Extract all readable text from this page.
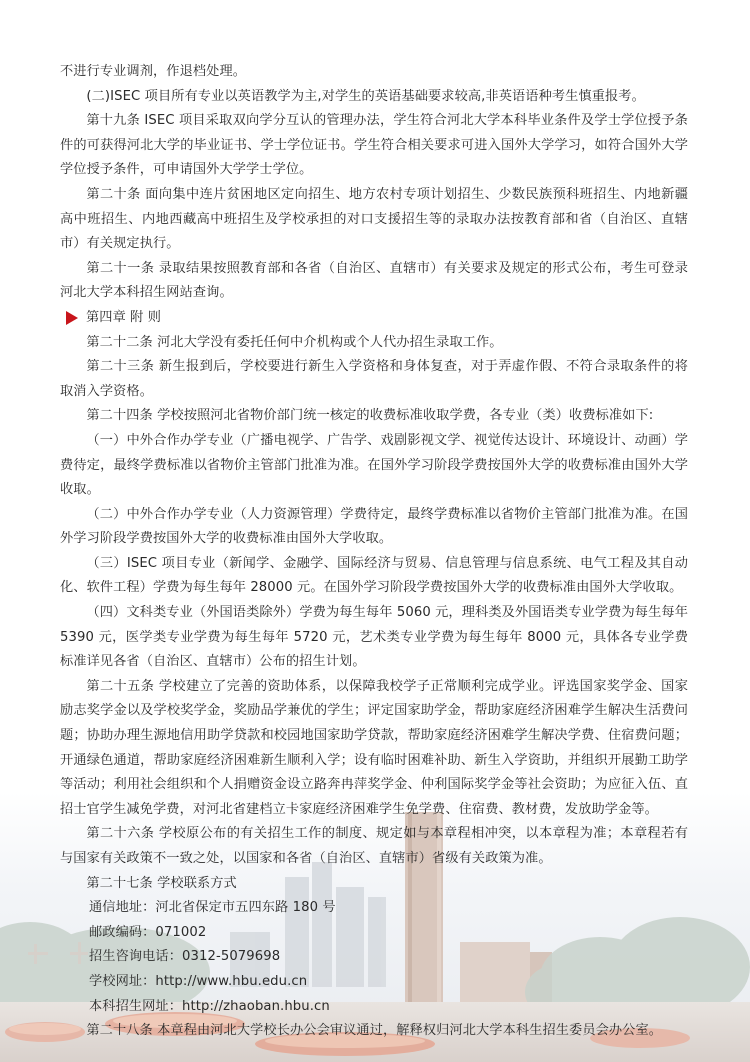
不进行专业调剂，作退档处理。

(二)ISEC 项目所有专业以英语教学为主,对学生的英语基础要求较高,非英语语种考生慎重报考。

第十九条 ISEC 项目采取双向学分互认的管理办法，学生符合河北大学本科毕业条件及学士学位授予条件的可获得河北大学的毕业证书、学士学位证书。学生符合相关要求可进入国外大学学习，如符合国外大学学位授予条件，可申请国外大学学士学位。

第二十条 面向集中连片贫困地区定向招生、地方农村专项计划招生、少数民族预科班招生、内地新疆高中班招生、内地西藏高中班招生及学校承担的对口支援招生等的录取办法按教育部和省（自治区、直辖市）有关规定执行。

第二十一条 录取结果按照教育部和各省（自治区、直辖市）有关要求及规定的形式公布，考生可登录河北大学本科招生网站查询。

第四章 附 则

第二十二条 河北大学没有委托任何中介机构或个人代办招生录取工作。

第二十三条 新生报到后，学校要进行新生入学资格和身体复查，对于弄虚作假、不符合录取条件的将取消入学资格。

第二十四条 学校按照河北省物价部门统一核定的收费标准收取学费，各专业（类）收费标准如下:

（一）中外合作办学专业（广播电视学、广告学、戏剧影视文学、视觉传达设计、环境设计、动画）学费待定，最终学费标准以省物价主管部门批准为准。在国外学习阶段学费按国外大学的收费标准由国外大学收取。

（二）中外合作办学专业（人力资源管理）学费待定，最终学费标准以省物价主管部门批准为准。在国外学习阶段学费按国外大学的收费标准由国外大学收取。

（三）ISEC 项目专业（新闻学、金融学、国际经济与贸易、信息管理与信息系统、电气工程及其自动化、软件工程）学费为每生每年 28000 元。在国外学习阶段学费按国外大学的收费标准由国外大学收取。

（四）文科类专业（外国语类除外）学费为每生每年 5060 元，理科类及外国语类专业学费为每生每年 5390 元，医学类专业学费为每生每年 5720 元，艺术类专业学费为每生每年 8000 元，具体各专业学费标准详见各省（自治区、直辖市）公布的招生计划。

第二十五条 学校建立了完善的资助体系，以保障我校学子正常顺利完成学业。评选国家奖学金、国家励志奖学金以及学校奖学金，奖励品学兼优的学生；评定国家助学金，帮助家庭经济困难学生解决生活费问题；协助办理生源地信用助学贷款和校园地国家助学贷款，帮助家庭经济困难学生解决学费、住宿费问题；开通绿色通道，帮助家庭经济困难新生顺利入学；设有临时困难补助、新生入学资助，并组织开展勤工助学等活动；利用社会组织和个人捐赠资金设立路奔冉萍奖学金、仲利国际奖学金等社会资助；为应征入伍、直招士官学生减免学费，对河北省建档立卡家庭经济困难学生免学费、住宿费、教材费，发放助学金等。

第二十六条 学校原公布的有关招生工作的制度、规定如与本章程相冲突，以本章程为准；本章程若有与国家有关政策不一致之处，以国家和各省（自治区、直辖市）省级有关政策为准。

第二十七条 学校联系方式

通信地址：河北省保定市五四东路 180 号

邮政编码：071002

招生咨询电话：0312-5079698

学校网址：http://www.hbu.edu.cn

本科招生网址：http://zhaoban.hbu.cn

第二十八条 本章程由河北大学校长办公会审议通过，解释权归河北大学本科生招生委员会办公室。
